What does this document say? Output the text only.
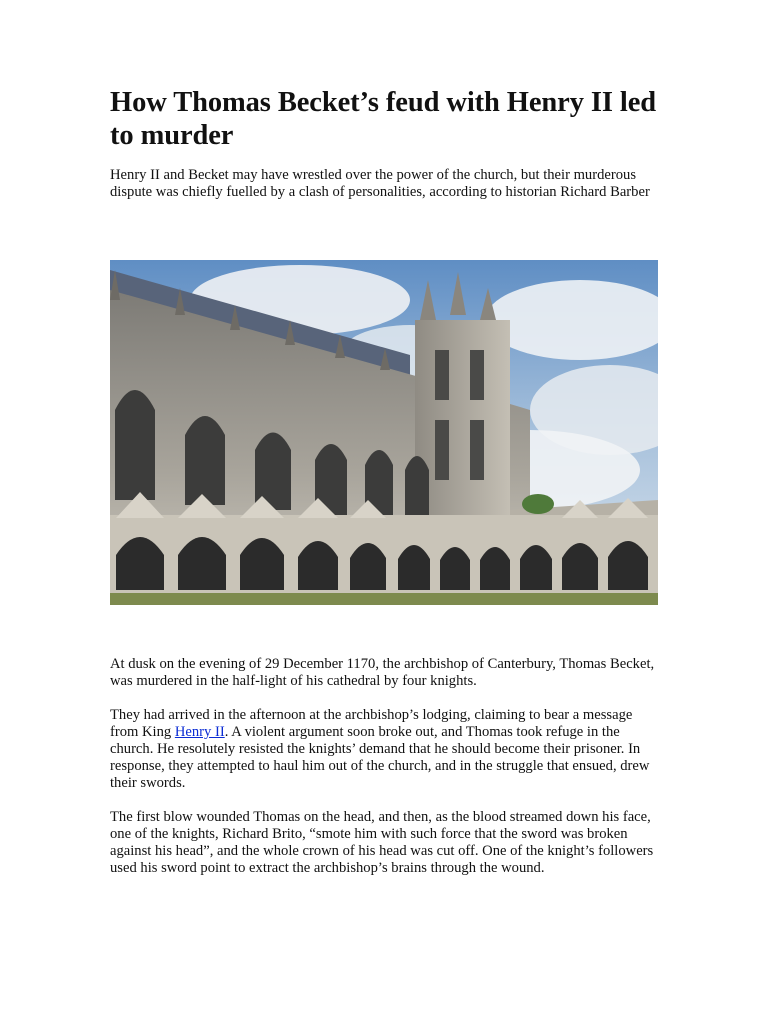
How Thomas Becket’s feud with Henry II led to murder

Henry II and Becket may have wrestled over the power of the church, but their murderous dispute was chiefly fuelled by a clash of personalities, according to historian Richard Barber

At dusk on the evening of 29 December 1170, the archbishop of Canterbury, Thomas Becket, was murdered in the half-light of his cathedral by four knights.

They had arrived in the afternoon at the archbishop’s lodging, claiming to bear a message from King Henry II. A violent argument soon broke out, and Thomas took refuge in the church. He resolutely resisted the knights’ demand that he should become their prisoner. In response, they attempted to haul him out of the church, and in the struggle that ensued, drew their swords.

The first blow wounded Thomas on the head, and then, as the blood streamed down his face, one of the knights, Richard Brito, “smote him with such force that the sword was broken against his head”, and the whole crown of his head was cut off. One of the knight’s followers used his sword point to extract the archbishop’s brains through the wound.
